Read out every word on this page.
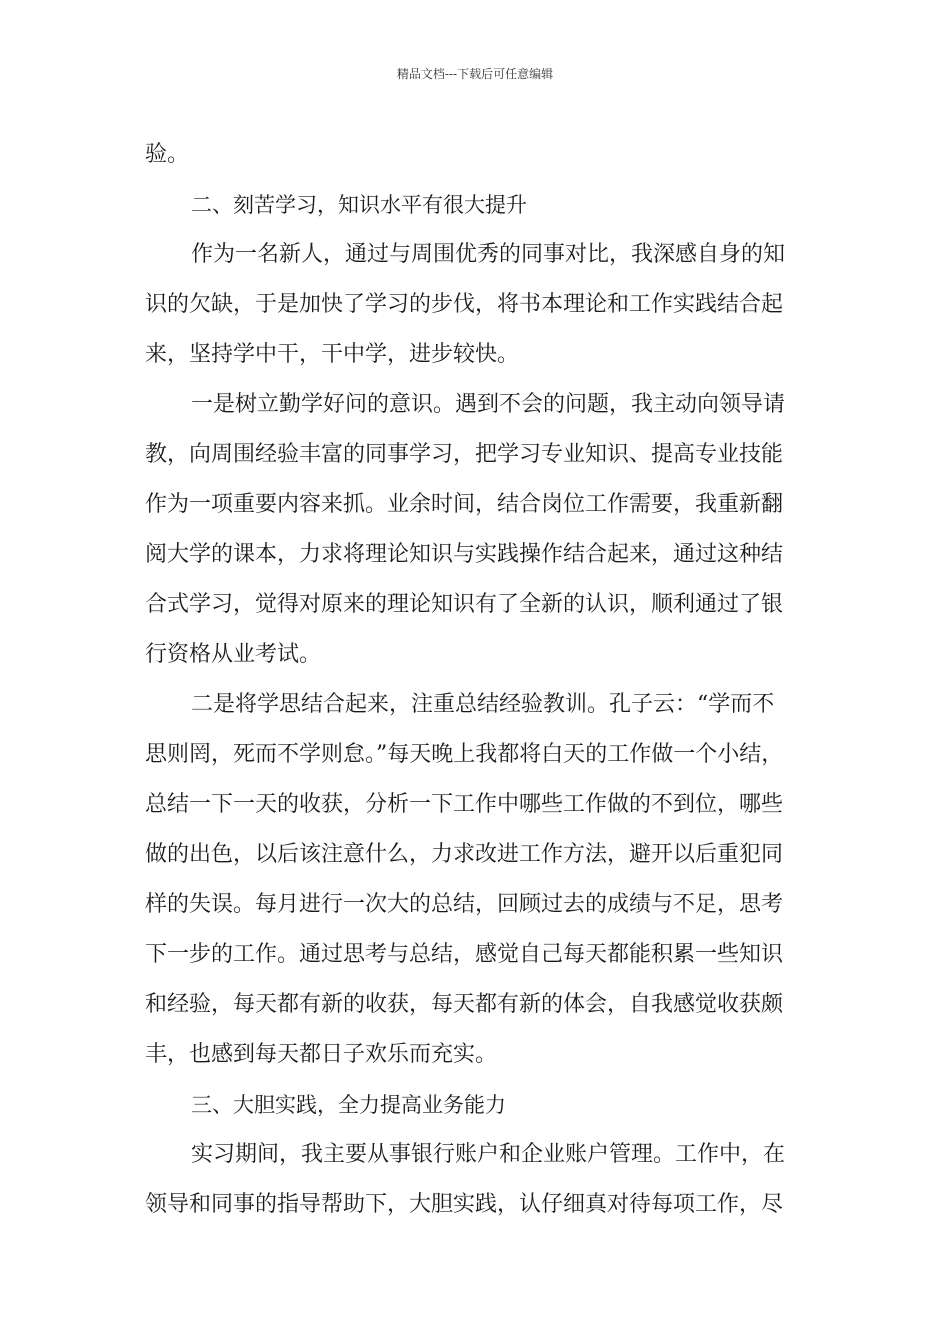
精品文档---下载后可任意编辑
验。
二、刻苦学习，知识水平有很大提升
作为一名新人，通过与周围优秀的同事对比，我深感自身的知
识的欠缺，于是加快了学习的步伐，将书本理论和工作实践结合起
来，坚持学中干，干中学，进步较快。
一是树立勤学好问的意识。遇到不会的问题，我主动向领导请
教，向周围经验丰富的同事学习，把学习专业知识、提高专业技能
作为一项重要内容来抓。业余时间，结合岗位工作需要，我重新翻
阅大学的课本，力求将理论知识与实践操作结合起来，通过这种结
合式学习，觉得对原来的理论知识有了全新的认识，顺利通过了银
行资格从业考试。
二是将学思结合起来，注重总结经验教训。孔子云：“学而不
思则罔，死而不学则怠。”每天晚上我都将白天的工作做一个小结，
总结一下一天的收获，分析一下工作中哪些工作做的不到位，哪些
做的出色，以后该注意什么，力求改进工作方法，避开以后重犯同
样的失误。每月进行一次大的总结，回顾过去的成绩与不足，思考
下一步的工作。通过思考与总结，感觉自己每天都能积累一些知识
和经验，每天都有新的收获，每天都有新的体会，自我感觉收获颇
丰，也感到每天都日子欢乐而充实。
三、大胆实践，全力提高业务能力
实习期间，我主要从事银行账户和企业账户管理。工作中，在
领导和同事的指导帮助下，大胆实践，认仔细真对待每项工作，尽
